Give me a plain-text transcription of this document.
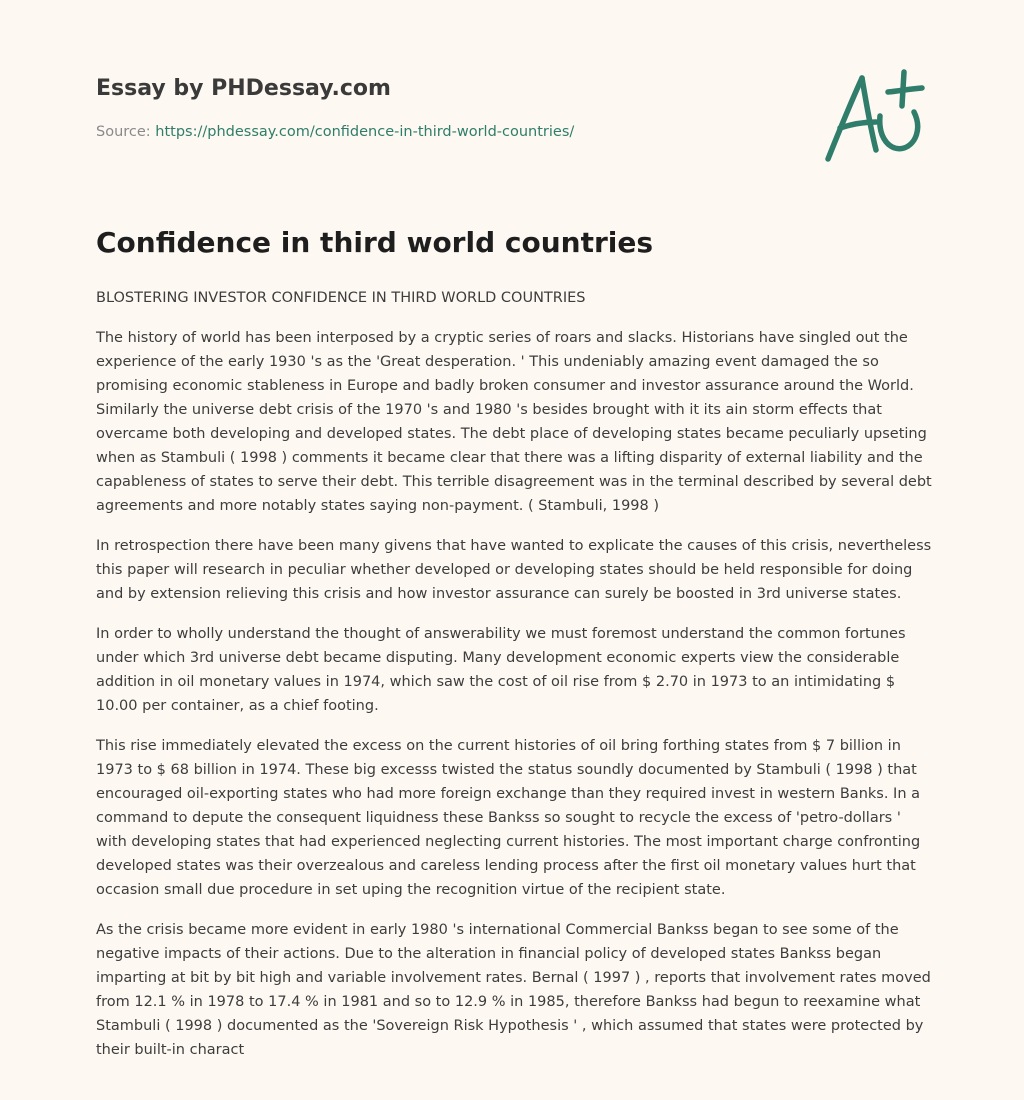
Essay by PHDessay.com

Source: https://phdessay.com/confidence-in-third-world-countries/

Confidence in third world countries

BLOSTERING INVESTOR CONFIDENCE IN THIRD WORLD COUNTRIES

The history of world has been interposed by a cryptic series of roars and slacks. Historians have singled out the experience of the early 1930 's as the 'Great desperation. ' This undeniably amazing event damaged the so promising economic stableness in Europe and badly broken consumer and investor assurance around the World. Similarly the universe debt crisis of the 1970 's and 1980 's besides brought with it its ain storm effects that overcame both developing and developed states. The debt place of developing states became peculiarly upseting when as Stambuli ( 1998 ) comments it became clear that there was a lifting disparity of external liability and the capableness of states to serve their debt. This terrible disagreement was in the terminal described by several debt agreements and more notably states saying non-payment. ( Stambuli, 1998 )

In retrospection there have been many givens that have wanted to explicate the causes of this crisis, nevertheless this paper will research in peculiar whether developed or developing states should be held responsible for doing and by extension relieving this crisis and how investor assurance can surely be boosted in 3rd universe states.

In order to wholly understand the thought of answerability we must foremost understand the common fortunes under which 3rd universe debt became disputing. Many development economic experts view the considerable addition in oil monetary values in 1974, which saw the cost of oil rise from $ 2.70 in 1973 to an intimidating $ 10.00 per container, as a chief footing.

This rise immediately elevated the excess on the current histories of oil bring forthing states from $ 7 billion in 1973 to $ 68 billion in 1974. These big excesss twisted the status soundly documented by Stambuli ( 1998 ) that encouraged oil-exporting states who had more foreign exchange than they required invest in western Banks. In a command to depute the consequent liquidness these Bankss so sought to recycle the excess of 'petro-dollars ' with developing states that had experienced neglecting current histories. The most important charge confronting developed states was their overzealous and careless lending process after the first oil monetary values hurt that occasion small due procedure in set uping the recognition virtue of the recipient state.

As the crisis became more evident in early 1980 's international Commercial Bankss began to see some of the negative impacts of their actions. Due to the alteration in financial policy of developed states Bankss began imparting at bit by bit high and variable involvement rates. Bernal ( 1997 ) , reports that involvement rates moved from 12.1 % in 1978 to 17.4 % in 1981 and so to 12.9 % in 1985, therefore Bankss had begun to reexamine what Stambuli ( 1998 ) documented as the 'Sovereign Risk Hypothesis ' , which assumed that states were protected by their built-in charact
